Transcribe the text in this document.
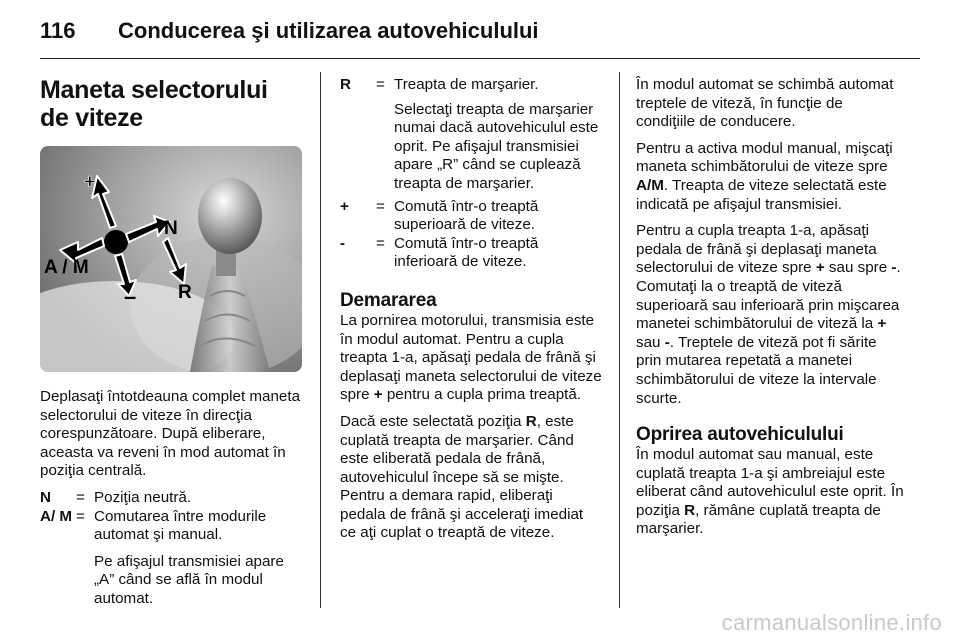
116	Conducerea şi utilizarea autovehiculului
Maneta selectorului de viteze
+
N
A / M
– R

Deplasaţi întotdeauna complet maneta selectorului de viteze în direcţia corespunzătoare. După eliberare, aceasta va reveni în mod automat în poziţia centrală.

N	= Poziţia neutră.
A/ M = Comutarea între modurile automat şi manual.

Pe afişajul transmisiei apare „A” când se află în modul automat.

R	= Treapta de marşarier.

Selectaţi treapta de marşarier numai dacă autovehiculul este oprit. Pe afişajul transmisiei apare „R” când se cuplează treapta de marşarier.

+	= Comută într-o treaptă superioară de viteze.
-	= Comută într-o treaptă inferioară de viteze.
Demararea

La pornirea motorului, transmisia este în modul automat. Pentru a cupla treapta 1-a, apăsaţi pedala de frână şi deplasaţi maneta selectorului de viteze spre + pentru a cupla prima treaptă.

Dacă este selectată poziţia R, este cuplată treapta de marşarier. Când este eliberată pedala de frână, autovehiculul începe să se mişte. Pentru a demara rapid, eliberaţi pedala de frână şi acceleraţi imediat ce aţi cuplat o treaptă de viteze.

În modul automat se schimbă automat treptele de viteză, în funcţie de condiţiile de conducere.

Pentru a activa modul manual, mişcaţi maneta schimbătorului de viteze spre A/M. Treapta de viteze selectată este indicată pe afişajul transmisiei.

Pentru a cupla treapta 1-a, apăsaţi pedala de frână şi deplasaţi maneta selectorului de viteze spre + sau spre -. Comutaţi la o treaptă de viteză superioară sau inferioară prin mişcarea manetei schimbătorului de viteză la + sau -. Treptele de viteză pot fi sărite prin mutarea repetată a manetei schimbătorului de viteze la intervale scurte.

Oprirea autovehiculului

În modul automat sau manual, este cuplată treapta 1-a şi ambreiajul este eliberat când autovehiculul este oprit. În poziţia R, rămâne cuplată treapta de marşarier.

carmanualsonline.info
